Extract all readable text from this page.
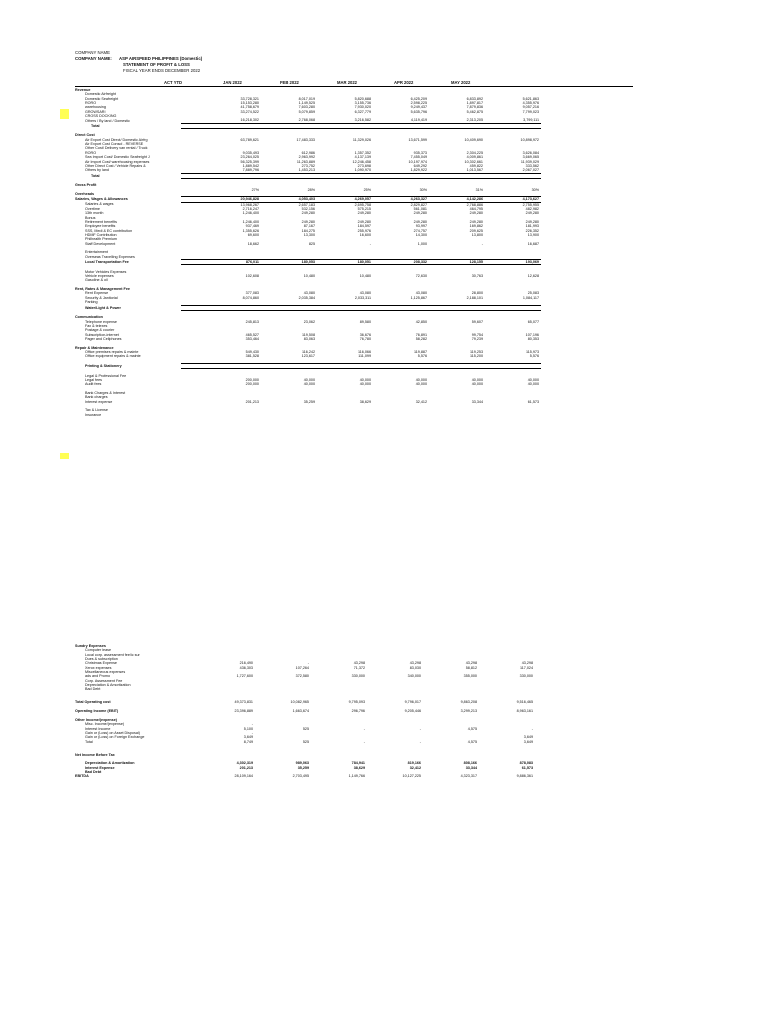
COMPANY NAME
COMPANY NAME: ASP AIRSPEED PHILIPPINES (Domestic)
STATEMENT OF PROFIT & LOSS
FISCAL YEAR ENDS DECEMBER 2022
ACT YTD	JAN 2022	FEB 2022	MAR 2022	APR 2022	MAY 2022
Revenue						
Domestic Airfreight						
Domestic Seafreight	33,728,321	8,017,019	5,820,688	6,425,209	6,833,892	5,621,863
RORO	15,153,280	1,149,525	3,155,736	2,598,225	1,897,817	4,355,976
warehousing	41,758,679	7,603,280	7,930,020	9,249,437	7,879,836	9,057,216
GROWSARI	33,274,522	5,079,859	6,327,779	5,635,796	5,462,875	7,799,023
CROSS DOCKING						
Others / By land / Domestic	16,218,302	2,768,068	3,216,582	4,119,419	2,313,205	3,799,111
Total						

Direct Cost						
Air Export Cost Direct/ Domestic Airfrg	63,789,621	17,483,333	11,329,026	13,671,599	10,409,690	10,898,972
Air Export Cost Consol - REVERSE						
Other Cost/ Delivery van rental / Truck						
RORO	9,035,493	612,986	1,357,352	935,373	2,304,225	3,626,084
Sea Import Cost/ Domestic Seafreight J	23,264,025	2,963,992	4,137,139	7,455,049	4,009,861	3,669,065
Air Import Cost/ warehousing expenses	56,325,399	11,263,889	12,246,458	10,197,974	10,302,661	11,939,029
Other Direct Cost / Vehicle Repairs &	1,889,542	273,752	273,698	649,292	459,822	333,562
Others by land	7,889,796	1,453,213	1,090,970	1,829,922	1,013,567	2,067,027
Total						

Gross Profit						
	27%	28%	25%	30%	31%	30%
Overheads						
Salaries, Wages & Allowances	20,946,828	4,053,403	4,269,057	4,263,327	4,142,286	4,173,627
Salaries & wages	13,968,267	2,657,183	2,695,758	2,829,827	2,768,886	2,755,955
Overtime	2,716,247	532,156	575,215	561,081	464,795	482,982
13th month	1,246,400	249,280	249,280	249,280	249,280	249,280
Bonus						
Retirement benefits	1,246,400	249,280	249,280	249,280	249,280	249,280
Employee benefits	937,469	87,167	184,597	93,997	169,862	181,993
SSS, Medi & EC contribution	1,355,626	184,275	255,976	274,757	209,625	226,352
HDMF Contribution	69,600	13,300	16,600	14,300	13,800	13,900
Philhealth Premium						
Staff Development	18,662	825	-	1,000	-	16,687

Entertainment						
Overseas Travelling Expenses						
Local Transportation Fee	876,011	180,053	180,051	208,332	128,155	193,069

Motor Vehicles Expenses						
Vehicle expenses	102,608	10,480	10,480	72,630	30,763	12,628
Gasoline & oil						

Rent, Rates & Management Fee						
Rent Expense	377,083	43,080	43,080	43,080	28,800	25,083
Security & Janitorial	8,074,860	2,035,384	2,033,311	1,125,867	2,188,101	1,084,117
Parking						
Water/Light & Power						

Communication						
Telephone expense	245,813	23,062	89,580	42,850	59,607	65,077
Fax & telexes						
Postage & courier						
Subscription-internet	465,527	119,508	36,676	76,891	99,754	107,196
Pager and Cellphones	353,464	83,063	76,780	58,282	79,239	80,353

Repair & Maintenance						
Office premises repairs & mainte	549,430	116,242	116,066	119,887	119,253	115,973
Office equipment repairs & mainte	381,528	123,617	111,099	5,576	115,200	5,576

Printing & Stationery						

Legal & Professional Fee						
Legal fees	200,000	40,000	40,000	40,000	40,000	40,000
Audit fees	200,000	40,000	40,000	40,000	40,000	40,000

Bank Charges & Interest						
Bank charges						
Interest expense	201,213	35,259	38,629	32,412	33,344	61,573

Tax & License						
Insurance						
Sundry Expenses						
Computer lease						
Local corp. assessment fee/ic sur						
Dues & subscription						
Christmas Expense	216,490	-	43,298	43,298	43,298	43,298
Xerox expenses	436,303	107,264	71,372	83,030	58,812	117,024
Miscellaneous expenses						
ads and Promo	1,727,600	372,580	330,000	340,000	355,000	330,000
Corp. Assessment Fee						
Depreciation & Amortization						
Bad Debt						

Total Operating cost	49,373,831	10,082,965	9,795,093	9,796,017	9,863,208	9,516,465

Operating Income (EBIT)	23,396,889	1,663,674	296,796	9,205,446	3,299,213	8,963,161

Other Income/(expense)						
Misc. Income/(expense)	-					
Interest Income	5,100	525	-	-	4,575	-
Gain or (Loss) on Asset Disposal)	-					
Gain or (Loss) on Foreign Exchange	3,649					3,649
Total	8,749	525	-	-	4,575	3,649

Net Income Before Tax						

Depreciation & Amortization	4,302,319	989,063	784,941	819,166	808,166	878,083
Interest Expense	201,213	35,259	38,629	32,412	33,344	61,573
Bad Debt						
EBITDA	28,109,164	2,703,495	1,149,766	10,127,225	4,323,317	9,886,361
